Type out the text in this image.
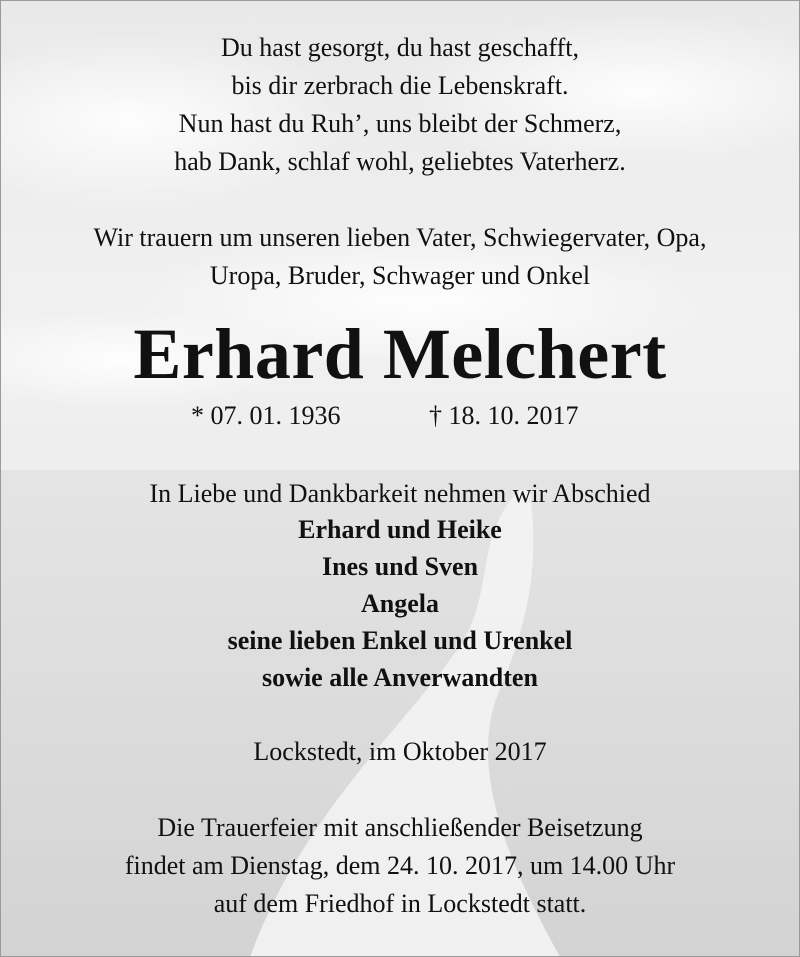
Du hast gesorgt, du hast geschafft,
bis dir zerbrach die Lebenskraft.
Nun hast du Ruh’, uns bleibt der Schmerz,
hab Dank, schlaf wohl, geliebtes Vaterherz.
Wir trauern um unseren lieben Vater, Schwiegervater, Opa,
Uropa, Bruder, Schwager und Onkel
Erhard Melchert
* 07. 01. 1936	† 18. 10. 2017
In Liebe und Dankbarkeit nehmen wir Abschied
Erhard und Heike
Ines und Sven
Angela
seine lieben Enkel und Urenkel
sowie alle Anverwandten
Lockstedt, im Oktober 2017
Die Trauerfeier mit anschließender Beisetzung
findet am Dienstag, dem 24. 10. 2017, um 14.00 Uhr
auf dem Friedhof in Lockstedt statt.
